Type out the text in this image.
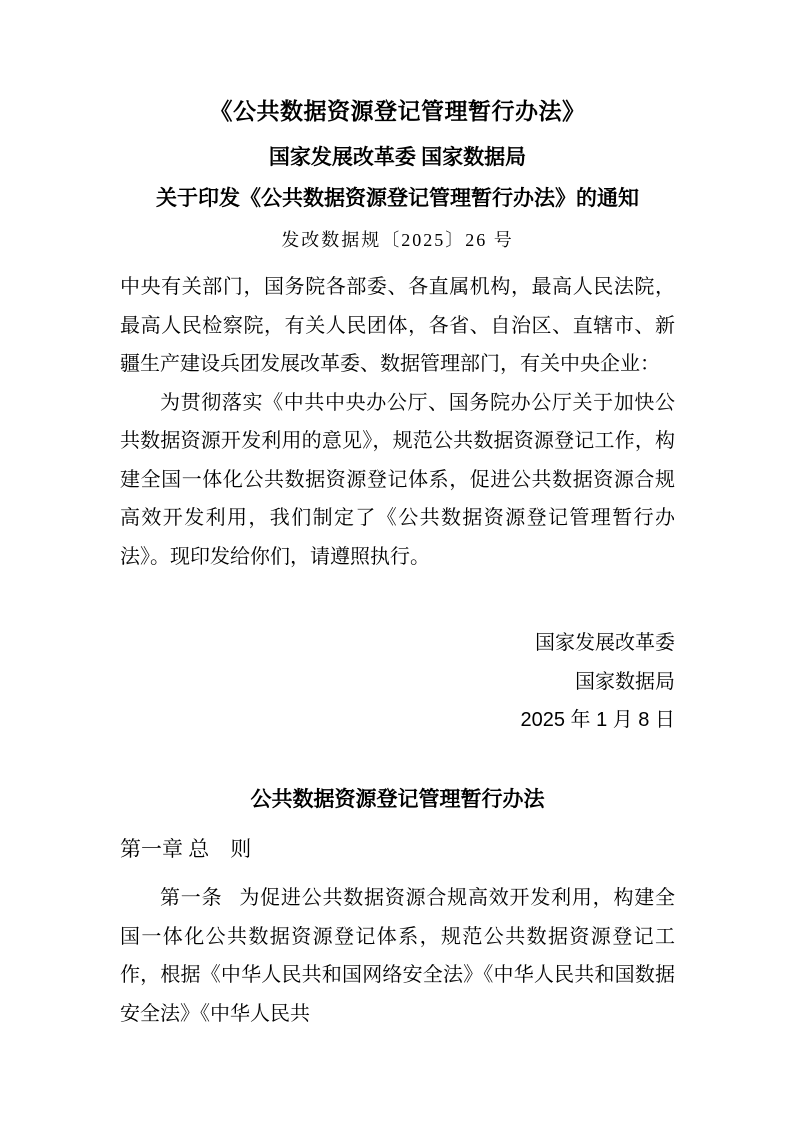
《公共数据资源登记管理暂行办法》
国家发展改革委 国家数据局
关于印发《公共数据资源登记管理暂行办法》的通知
发改数据规〔2025〕26 号

中央有关部门，国务院各部委、各直属机构，最高人民法院，最高人民检察院，有关人民团体，各省、自治区、直辖市、新疆生产建设兵团发展改革委、数据管理部门，有关中央企业：

为贯彻落实《中共中央办公厅、国务院办公厅关于加快公共数据资源开发利用的意见》，规范公共数据资源登记工作，构建全国一体化公共数据资源登记体系，促进公共数据资源合规高效开发利用，我们制定了《公共数据资源登记管理暂行办法》。现印发给你们，请遵照执行。

国家发展改革委
国家数据局
2025 年 1 月 8 日
公共数据资源登记管理暂行办法
第一章 总　则

第一条 为促进公共数据资源合规高效开发利用，构建全国一体化公共数据资源登记体系，规范公共数据资源登记工作，根据《中华人民共和国网络安全法》《中华人民共和国数据安全法》《中华人民共
